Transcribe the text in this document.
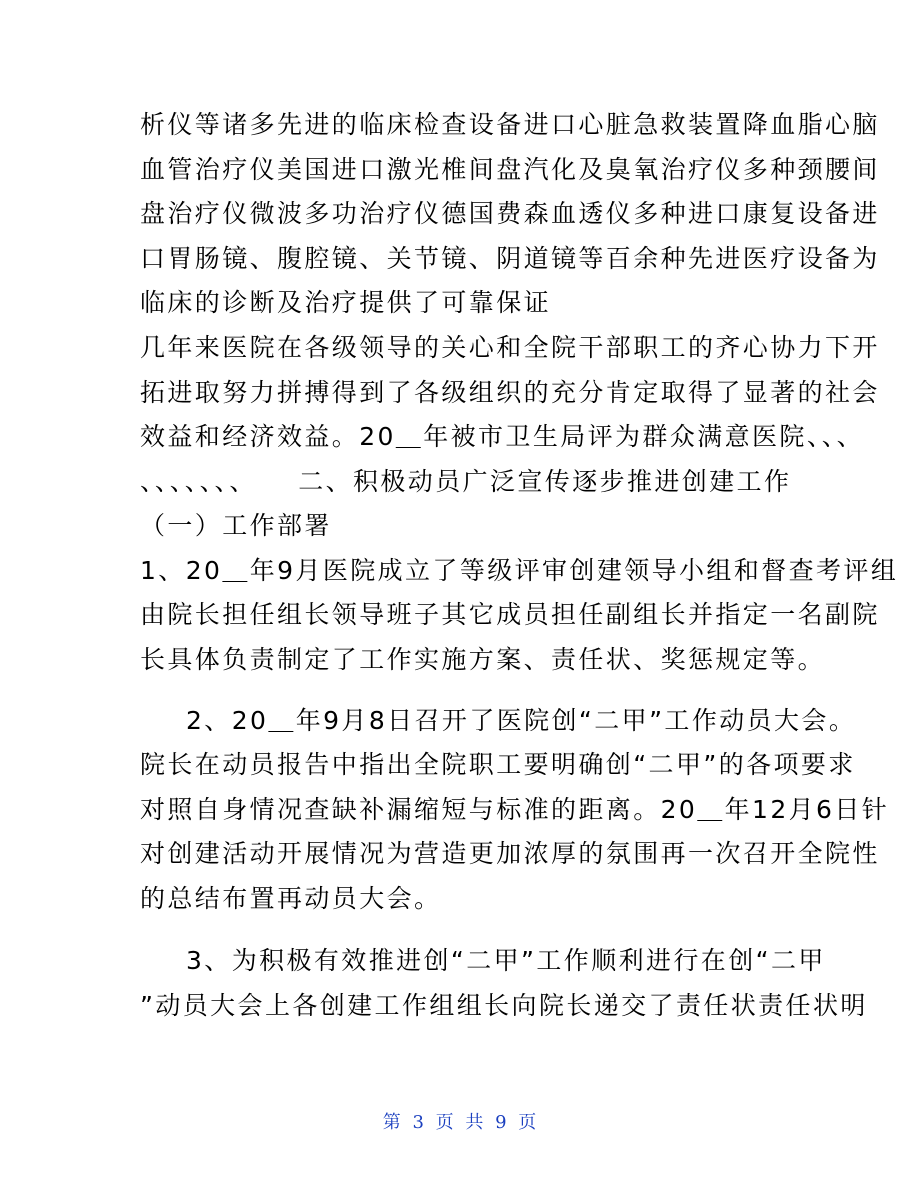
析仪等诸多先进的临床检查设备进口心脏急救装置降血脂心脑
血管治疗仪美国进口激光椎间盘汽化及臭氧治疗仪多种颈腰间
盘治疗仪微波多功治疗仪德国费森血透仪多种进口康复设备进
口胃肠镜、腹腔镜、关节镜、阴道镜等百余种先进医疗设备为
临床的诊断及治疗提供了可靠保证
几年来医院在各级领导的关心和全院干部职工的齐心协力下开
拓进取努力拼搏得到了各级组织的充分肯定取得了显著的社会
效益和经济效益。20＿年被市卫生局评为群众满意医院、、、
、、、、、、、    二、积极动员广泛宣传逐步推进创建工作
（一）工作部署
1、20＿年9月医院成立了等级评审创建领导小组和督查考评组
由院长担任组长领导班子其它成员担任副组长并指定一名副院
长具体负责制定了工作实施方案、责任状、奖惩规定等。
2、20＿年9月8日召开了医院创“二甲”工作动员大会。
院长在动员报告中指出全院职工要明确创“二甲”的各项要求
对照自身情况查缺补漏缩短与标准的距离。20＿年12月6日针
对创建活动开展情况为营造更加浓厚的氛围再一次召开全院性
的总结布置再动员大会。
3、为积极有效推进创“二甲”工作顺利进行在创“二甲
”动员大会上各创建工作组组长向院长递交了责任状责任状明
第 3 页 共 9 页
